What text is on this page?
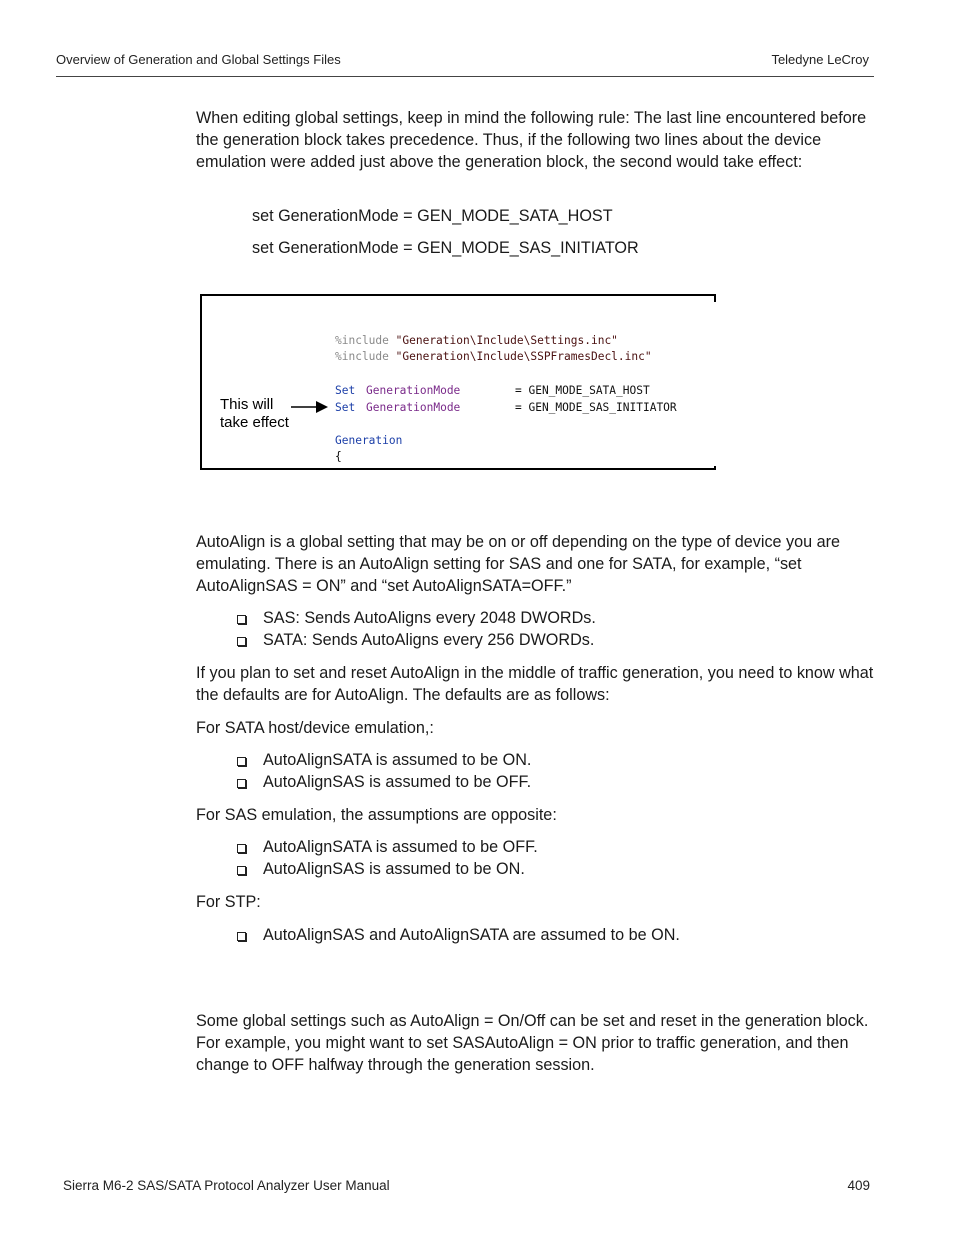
Overview of Generation and Global Settings Files	Teledyne LeCroy

When editing global settings, keep in mind the following rule: The last line encountered before the generation block takes precedence. Thus, if the following two lines about the device emulation were added just above the generation block, the second would take effect:

set GenerationMode = GEN_MODE_SATA_HOST
set GenerationMode = GEN_MODE_SAS_INITIATOR
%include "Generation\Include\Settings.inc"
%include "Generation\Include\SSPFramesDecl.inc"
Set GenerationMode	= GEN_MODE_SATA_HOST
Set GenerationMode	= GEN_MODE_SAS_INITIATOR
Generation
{
This will
take effect

AutoAlign is a global setting that may be on or off depending on the type of device you are emulating. There is an AutoAlign setting for SAS and one for SATA, for example, “set AutoAlignSAS = ON” and “set AutoAlignSATA=OFF.”

SAS: Sends AutoAligns every 2048 DWORDs.
SATA: Sends AutoAligns every 256 DWORDs.

If you plan to set and reset AutoAlign in the middle of traffic generation, you need to know what the defaults are for AutoAlign. The defaults are as follows:

For SATA host/device emulation,:

AutoAlignSATA is assumed to be ON.
AutoAlignSAS is assumed to be OFF.

For SAS emulation, the assumptions are opposite:

AutoAlignSATA is assumed to be OFF.
AutoAlignSAS is assumed to be ON.

For STP:

AutoAlignSAS and AutoAlignSATA are assumed to be ON.

Some global settings such as AutoAlign = On/Off can be set and reset in the generation block. For example, you might want to set SASAutoAlign = ON prior to traffic generation, and then change to OFF halfway through the generation session.

Sierra M6-2 SAS/SATA Protocol Analyzer User Manual	409
